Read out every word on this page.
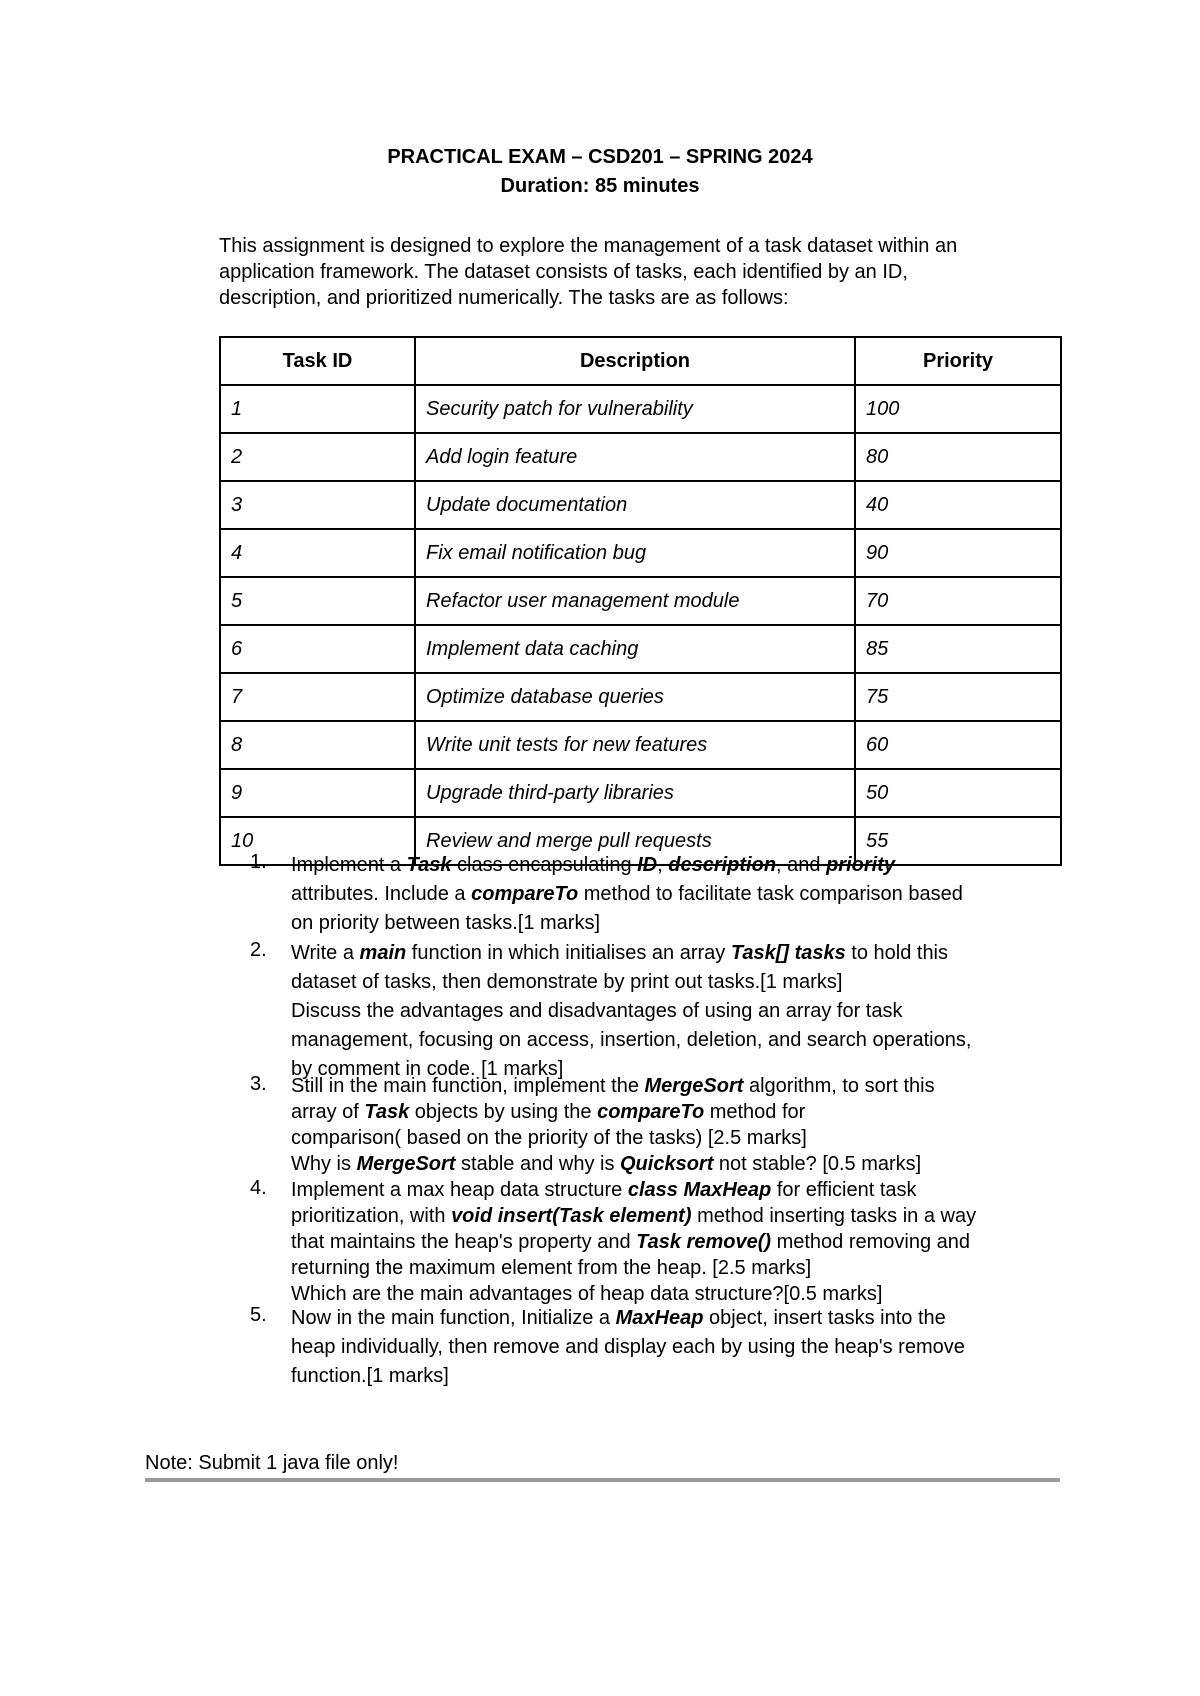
PRACTICAL EXAM – CSD201 – SPRING 2024
Duration: 85 minutes
This assignment is designed to explore the management of a task dataset within an
application framework. The dataset consists of tasks, each identified by an ID,
description, and prioritized numerically. The tasks are as follows:
Task ID	Description	Priority
1	Security patch for vulnerability	100
2	Add login feature	80
3	Update documentation	40
4	Fix email notification bug	90
5	Refactor user management module	70
6	Implement data caching	85
7	Optimize database queries	75
8	Write unit tests for new features	60
9	Upgrade third-party libraries	50
10	Review and merge pull requests	55
1.	Implement a Task class encapsulating ID, description, and priority
attributes. Include a compareTo method to facilitate task comparison based
on priority between tasks.[1 marks]
2.	Write a main function in which initialises an array Task[] tasks to hold this
dataset of tasks, then demonstrate by print out tasks.[1 marks]
Discuss the advantages and disadvantages of using an array for task
management, focusing on access, insertion, deletion, and search operations,
by comment in code. [1 marks]
3.	Still in the main function, implement the MergeSort algorithm, to sort this
array of Task objects by using the compareTo method for
comparison( based on the priority of the tasks) [2.5 marks]
Why is MergeSort stable and why is Quicksort not stable? [0.5 marks]
4.	Implement a max heap data structure class MaxHeap for efficient task
prioritization, with void insert(Task element) method inserting tasks in a way
that maintains the heap's property and Task remove() method removing and
returning the maximum element from the heap. [2.5 marks]
Which are the main advantages of heap data structure?[0.5 marks]
5.	Now in the main function, Initialize a MaxHeap object, insert tasks into the
heap individually, then remove and display each by using the heap's remove
function.[1 marks]
Note: Submit 1 java file only!
